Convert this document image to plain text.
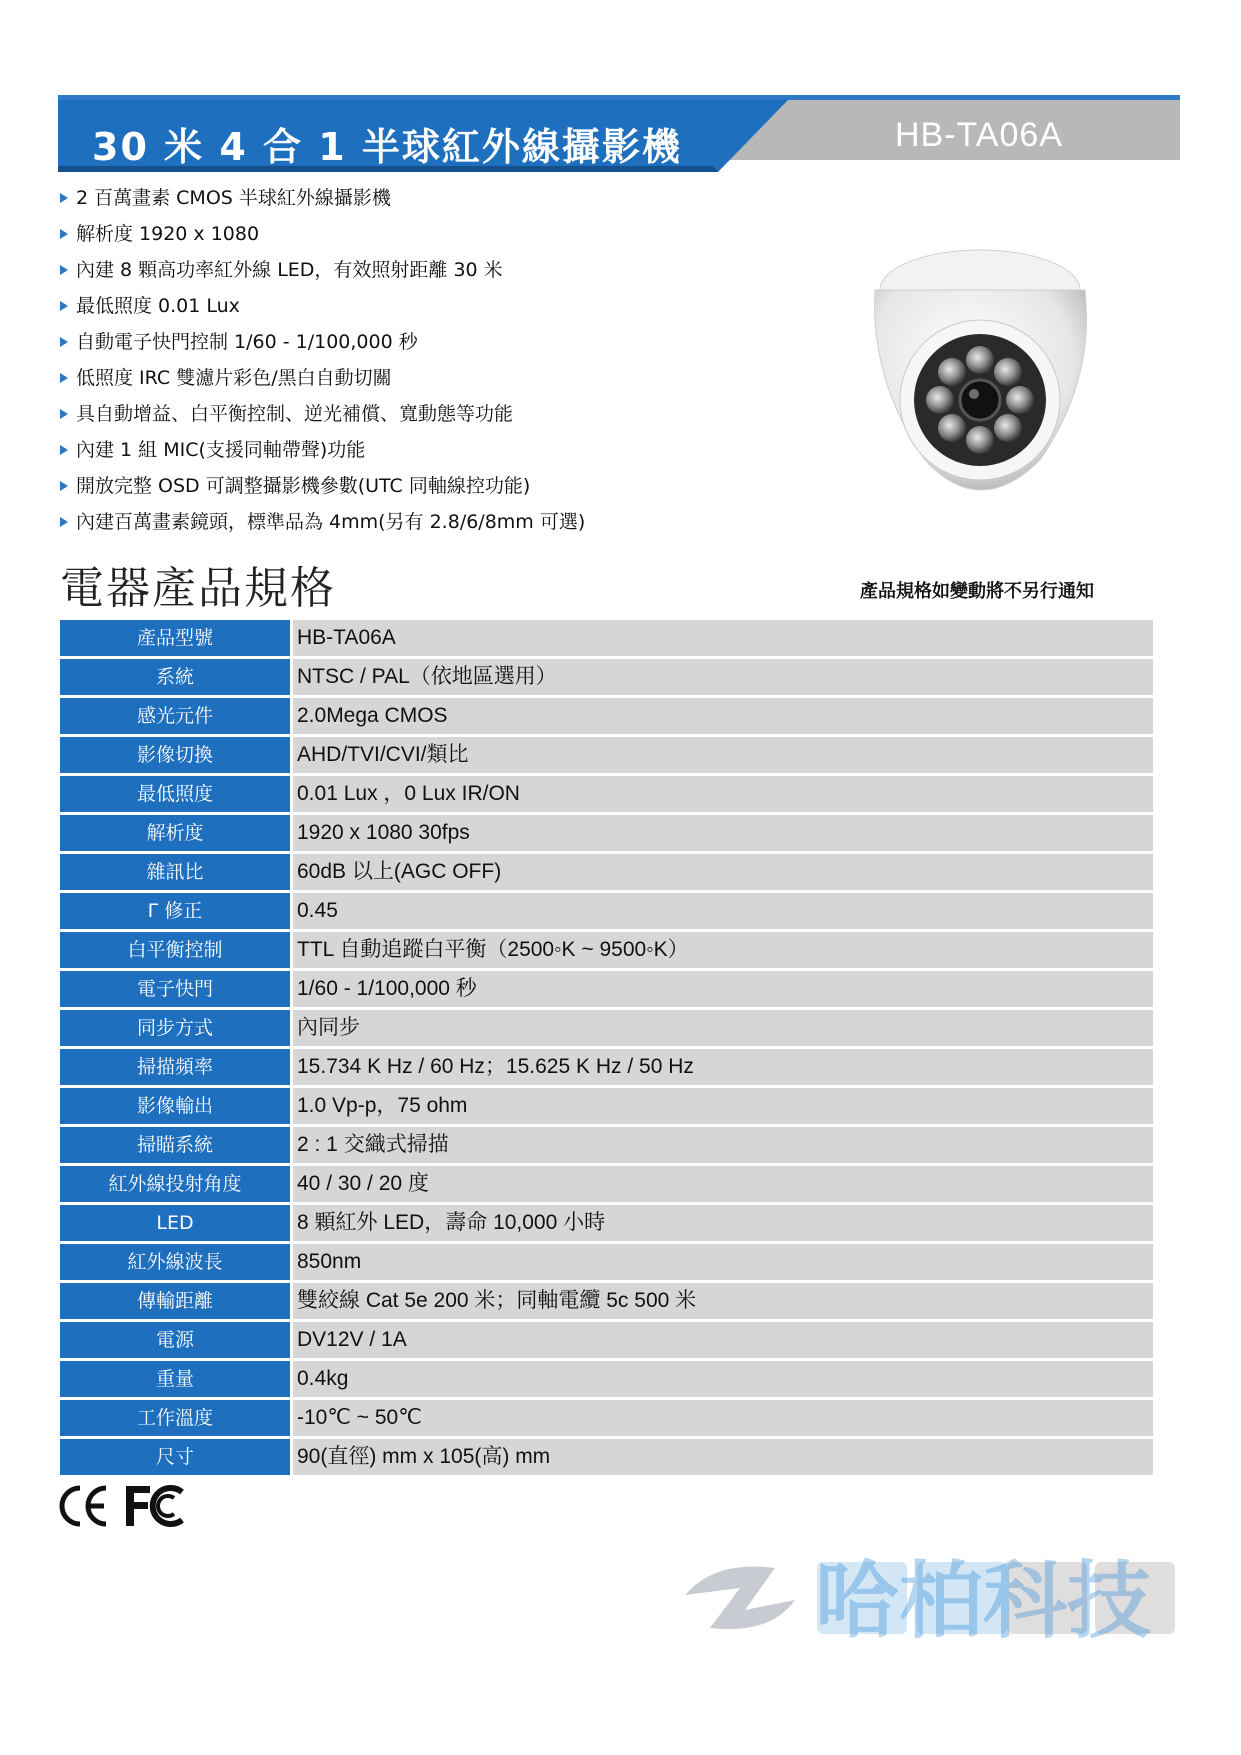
30 米 4 合 1 半球紅外線攝影機	HB-TA06A
2 百萬畫素 CMOS 半球紅外線攝影機
解析度 1920 x 1080
內建 8 顆高功率紅外線 LED，有效照射距離 30 米
最低照度 0.01 Lux
自動電子快門控制 1/60 - 1/100,000 秒
低照度 IRC 雙濾片彩色/黑白自動切關
具自動增益、白平衡控制、逆光補償、寬動態等功能
內建 1 組 MIC(支援同軸帶聲)功能
開放完整 OSD 可調整攝影機參數(UTC 同軸線控功能)
內建百萬畫素鏡頭，標準品為 4mm(另有 2.8/6/8mm 可選)
電器產品規格	產品規格如變動將不另行通知
產品型號	HB-TA06A
系統	NTSC / PAL（依地區選用）
感光元件	2.0Mega CMOS
影像切換	AHD/TVI/CVI/類比
最低照度	0.01 Lux ，0 Lux IR/ON
解析度	1920 x 1080 30fps
雜訊比	60dB 以上(AGC OFF)
Γ 修正	0.45
白平衡控制	TTL 自動追蹤白平衡（2500◦K ~ 9500◦K）
電子快門	1/60 - 1/100,000 秒
同步方式	內同步
掃描頻率	15.734 K Hz / 60 Hz；15.625 K Hz / 50 Hz
影像輸出	1.0 Vp-p，75 ohm
掃瞄系統	2 : 1 交織式掃描
紅外線投射角度	40 / 30 / 20 度
LED	8 顆紅外 LED，壽命 10,000 小時
紅外線波長	850nm
傳輸距離	雙絞線 Cat 5e 200 米；同軸電纜 5c 500 米
電源	DV12V / 1A
重量	0.4kg
工作溫度	-10℃ ~ 50℃
尺寸	90(直徑) mm x 105(高) mm
哈柏科技
